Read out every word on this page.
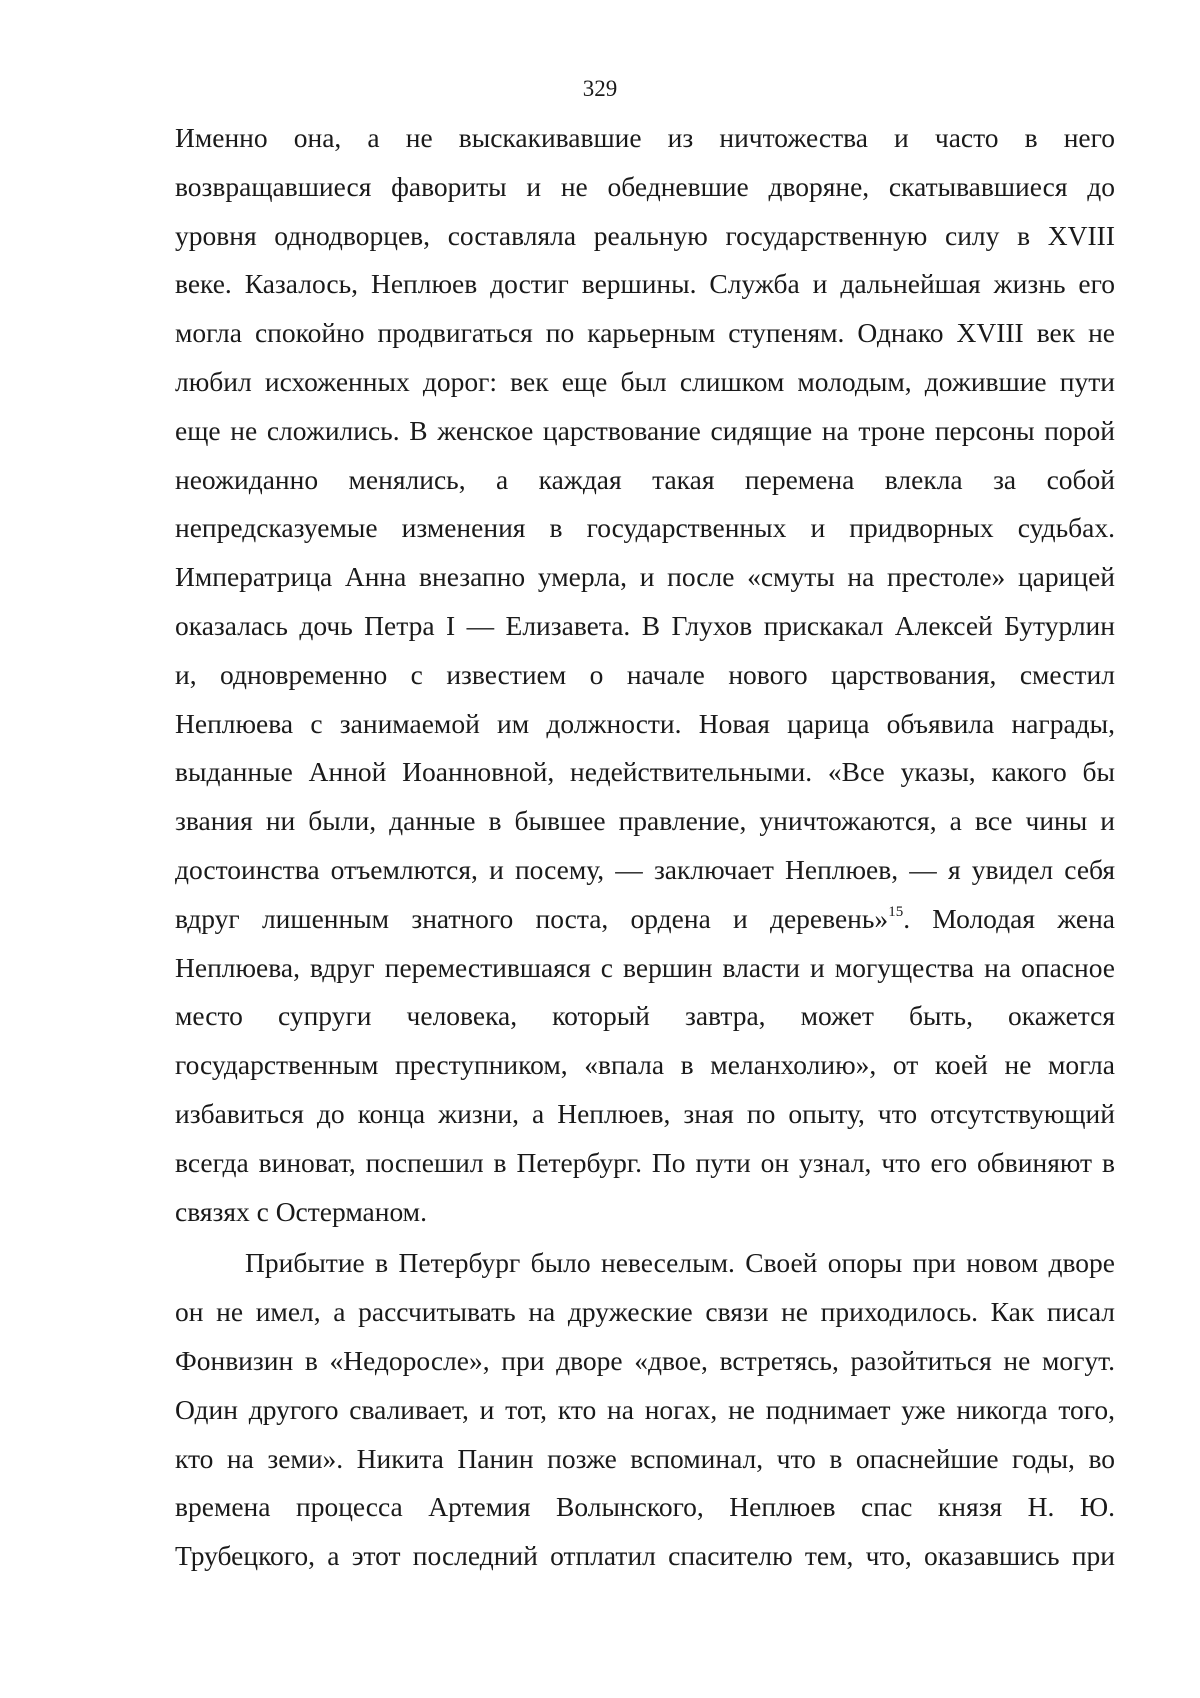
329
Именно она, а не выскакивавшие из ничтожества и часто в него
возвращавшиеся фавориты и не обедневшие дворяне, скатывавшиеся до
уровня однодворцев, составляла реальную государственную силу в XVIII
веке. Казалось, Неплюев достиг вершины. Служба и дальнейшая жизнь его
могла спокойно продвигаться по карьерным ступеням. Однако XVIII век не
любил исхоженных дорог: век еще был слишком молодым, дожившие пути
еще не сложились. В женское царствование сидящие на троне персоны порой
неожиданно менялись, а каждая такая перемена влекла за собой
непредсказуемые изменения в государственных и придворных судьбах.
Императрица Анна внезапно умерла, и после «смуты на престоле» царицей
оказалась дочь Петра I — Елизавета. В Глухов прискакал Алексей Бутурлин
и, одновременно с известием о начале нового царствования, сместил
Неплюева с занимаемой им должности. Новая царица объявила награды,
выданные Анной Иоанновной, недействительными. «Все указы, какого бы
звания ни были, данные в бывшее правление, уничтожаются, а все чины и
достоинства отъемлются, и посему, — заключает Неплюев, — я увидел себя
вдруг лишенным знатного поста, ордена и деревень»$^{15}$. Молодая жена
Неплюева, вдруг переместившаяся с вершин власти и могущества на опасное
место супруги человека, который завтра, может быть, окажется
государственным преступником, «впала в меланхолию», от коей не могла
избавиться до конца жизни, а Неплюев, зная по опыту, что отсутствующий
всегда виноват, поспешил в Петербург. По пути он узнал, что его обвиняют в
связях с Остерманом.
Прибытие в Петербург было невеселым. Своей опоры при новом дворе
он не имел, а рассчитывать на дружеские связи не приходилось. Как писал
Фонвизин в «Недоросле», при дворе «двое, встретясь, разойтиться не могут.
Один другого сваливает, и тот, кто на ногах, не поднимает уже никогда того,
кто на земи». Никита Панин позже вспоминал, что в опаснейшие годы, во
времена процесса Артемия Волынского, Неплюев спас князя Н. Ю.
Трубецкого, а этот последний отплатил спасителю тем, что, оказавшись при
